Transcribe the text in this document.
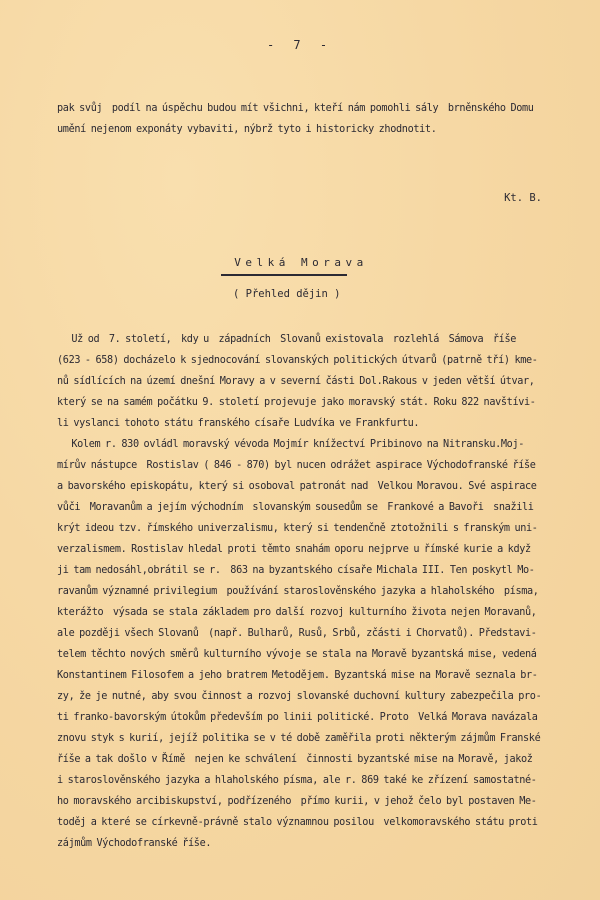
- 7 -
pak svůj  podíl na úspěchu budou mít všichni, kteří nám pomohli sály  brněnského Domu
umění nejenom exponáty vybaviti, nýbrž tyto i historicky zhodnotit.
Kt. B.
Velká Morava
( Přehled dějin )
Už od  7. století,  kdy u  západních  Slovanů existovala  rozlehlá  Sámova  říše
(623 - 658) docházelo k sjednocování slovanských politických útvarů (patrně tří) kme-
nů sídlících na území dnešní Moravy a v severní části Dol.Rakous v jeden větší útvar,
který se na samém počátku 9. století projevuje jako moravský stát. Roku 822 navštívi-
li vyslanci tohoto státu franského císaře Ludvíka ve Frankfurtu.
Kolem r. 830 ovládl moravský vévoda Mojmír knížectví Pribinovo na Nitransku.Moj-
mírův nástupce  Rostislav ( 846 - 870) byl nucen odrážet aspirace Východofranské říše
a bavorského episkopátu, který si osoboval patronát nad  Velkou Moravou. Své aspirace
vůči  Moravanům a jejím východním  slovanským sousedům se  Frankové a Bavoři  snažili
krýt ideou tzv. římského univerzalismu, který si tendenčně ztotožnili s franským uni-
verzalismem. Rostislav hledal proti těmto snahám oporu nejprve u římské kurie a když
ji tam nedosáhl,obrátil se r.  863 na byzantského císaře Michala III. Ten poskytl Mo-
ravanům významné privilegium  používání staroslověnského jazyka a hlaholského  písma,
kterážto  výsada se stala základem pro další rozvoj kulturního života nejen Moravanů,
ale později všech Slovanů  (např. Bulharů, Rusů, Srbů, zčásti i Chorvatů). Představi-
telem těchto nových směrů kulturního vývoje se stala na Moravě byzantská mise, vedená
Konstantinem Filosofem a jeho bratrem Metodějem. Byzantská mise na Moravě seznala br-
zy, že je nutné, aby svou činnost a rozvoj slovanské duchovní kultury zabezpečila pro-
ti franko-bavorským útokům především po linii politické. Proto  Velká Morava navázala
znovu styk s kurií, jejíž politika se v té době zaměřila proti některým zájmům Franské
říše a tak došlo v Římě  nejen ke schválení  činnosti byzantské mise na Moravě, jakož
i staroslověnského jazyka a hlaholského písma, ale r. 869 také ke zřízení samostatné-
ho moravského arcibiskupství, podřízeného  přímo kurii, v jehož čelo byl postaven Me-
toděj a které se církevně-právně stalo významnou posilou  velkomoravského státu proti
zájmům Východofranské říše.
